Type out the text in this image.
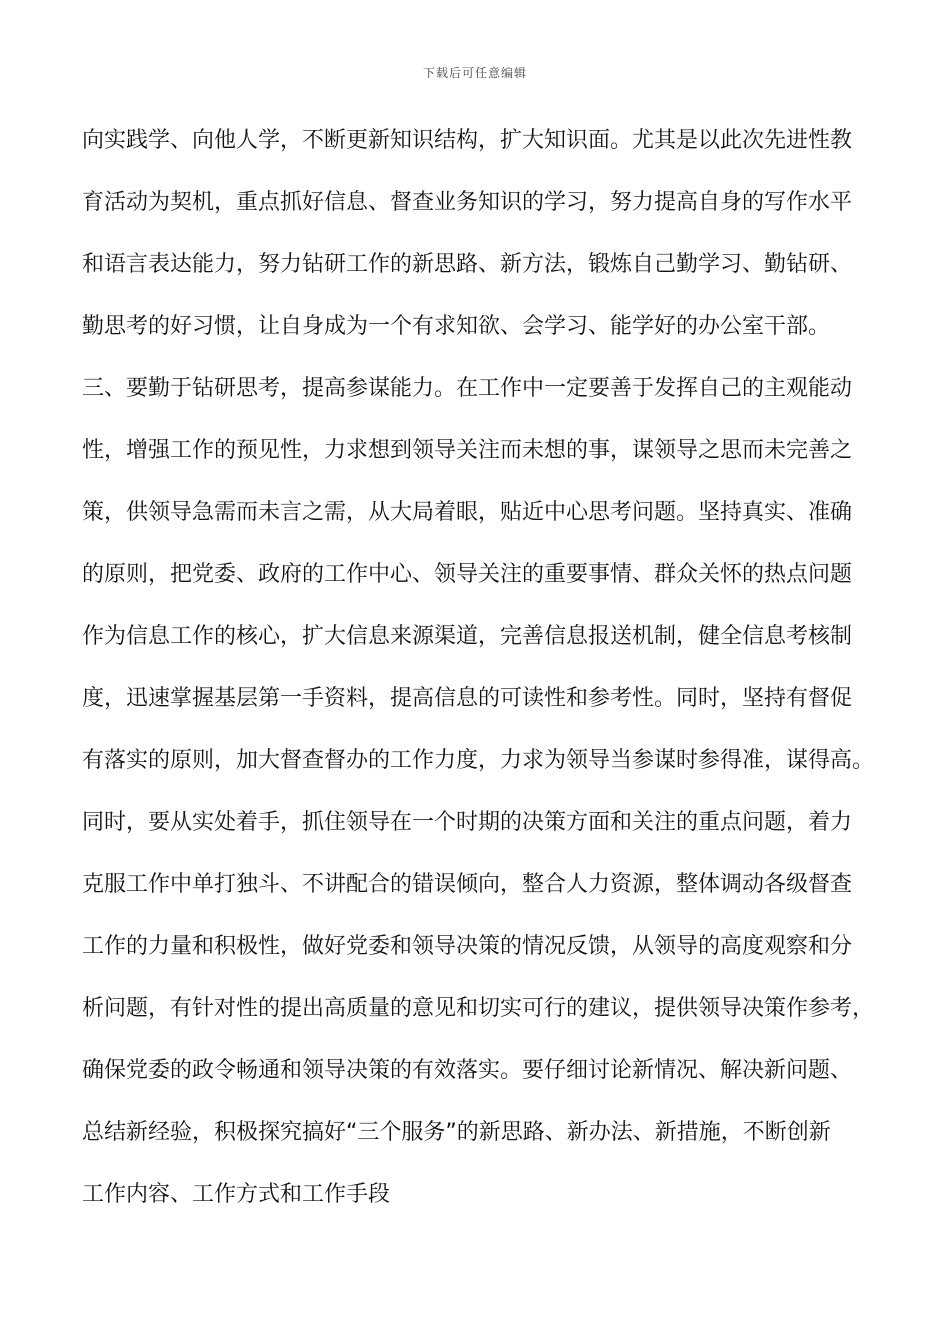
下载后可任意编辑
向实践学、向他人学，不断更新知识结构，扩大知识面。尤其是以此次先进性教
育活动为契机，重点抓好信息、督查业务知识的学习，努力提高自身的写作水平
和语言表达能力，努力钻研工作的新思路、新方法，锻炼自己勤学习、勤钻研、
勤思考的好习惯，让自身成为一个有求知欲、会学习、能学好的办公室干部。
三、要勤于钻研思考，提高参谋能力。在工作中一定要善于发挥自己的主观能动
性，增强工作的预见性，力求想到领导关注而未想的事，谋领导之思而未完善之
策，供领导急需而未言之需，从大局着眼，贴近中心思考问题。坚持真实、准确
的原则，把党委、政府的工作中心、领导关注的重要事情、群众关怀的热点问题
作为信息工作的核心，扩大信息来源渠道，完善信息报送机制，健全信息考核制
度，迅速掌握基层第一手资料，提高信息的可读性和参考性。同时，坚持有督促
有落实的原则，加大督查督办的工作力度，力求为领导当参谋时参得准，谋得高。
同时，要从实处着手，抓住领导在一个时期的决策方面和关注的重点问题，着力
克服工作中单打独斗、不讲配合的错误倾向，整合人力资源，整体调动各级督查
工作的力量和积极性，做好党委和领导决策的情况反馈，从领导的高度观察和分
析问题，有针对性的提出高质量的意见和切实可行的建议，提供领导决策作参考，
确保党委的政令畅通和领导决策的有效落实。要仔细讨论新情况、解决新问题、
总结新经验，积极探究搞好“三个服务”的新思路、新办法、新措施，不断创新
工作内容、工作方式和工作手段
